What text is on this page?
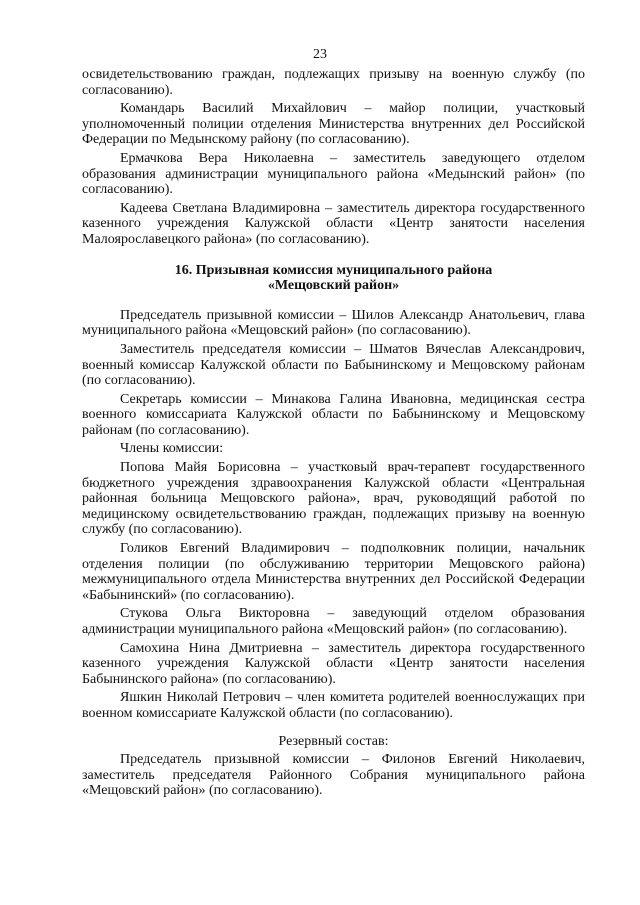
23

освидетельствованию граждан, подлежащих призыву на военную службу (по согласованию).

Командарь Василий Михайлович – майор полиции, участковый уполномоченный полиции отделения Министерства внутренних дел Российской Федерации по Медынскому району (по согласованию).

Ермачкова Вера Николаевна – заместитель заведующего отделом образования администрации муниципального района «Медынский район» (по согласованию).

Кадеева Светлана Владимировна – заместитель директора государственного казенного учреждения Калужской области «Центр занятости населения Малоярославецкого района» (по согласованию).

16. Призывная комиссия муниципального района
«Мещовский район»

Председатель призывной комиссии – Шилов Александр Анатольевич, глава муниципального района «Мещовский район» (по согласованию).

Заместитель председателя комиссии – Шматов Вячеслав Александрович, военный комиссар Калужской области по Бабынинскому и Мещовскому районам (по согласованию).

Секретарь комиссии – Минакова Галина Ивановна, медицинская сестра военного комиссариата Калужской области по Бабынинскому и Мещовскому районам (по согласованию).

Члены комиссии:

Попова Майя Борисовна – участковый врач-терапевт государственного бюджетного учреждения здравоохранения Калужской области «Центральная районная больница Мещовского района», врач, руководящий работой по медицинскому освидетельствованию граждан, подлежащих призыву на военную службу (по согласованию).

Голиков Евгений Владимирович – подполковник полиции, начальник отделения полиции (по обслуживанию территории Мещовского района) межмуниципального отдела Министерства внутренних дел Российской Федерации «Бабынинский» (по согласованию).

Стукова Ольга Викторовна – заведующий отделом образования администрации муниципального района «Мещовский район» (по согласованию).

Самохина Нина Дмитриевна – заместитель директора государственного казенного учреждения Калужской области «Центр занятости населения Бабынинского района» (по согласованию).

Яшкин Николай Петрович – член комитета родителей военнослужащих при военном комиссариате Калужской области (по согласованию).

Резервный состав:

Председатель призывной комиссии – Филонов Евгений Николаевич, заместитель председателя Районного Собрания муниципального района «Мещовский район» (по согласованию).
